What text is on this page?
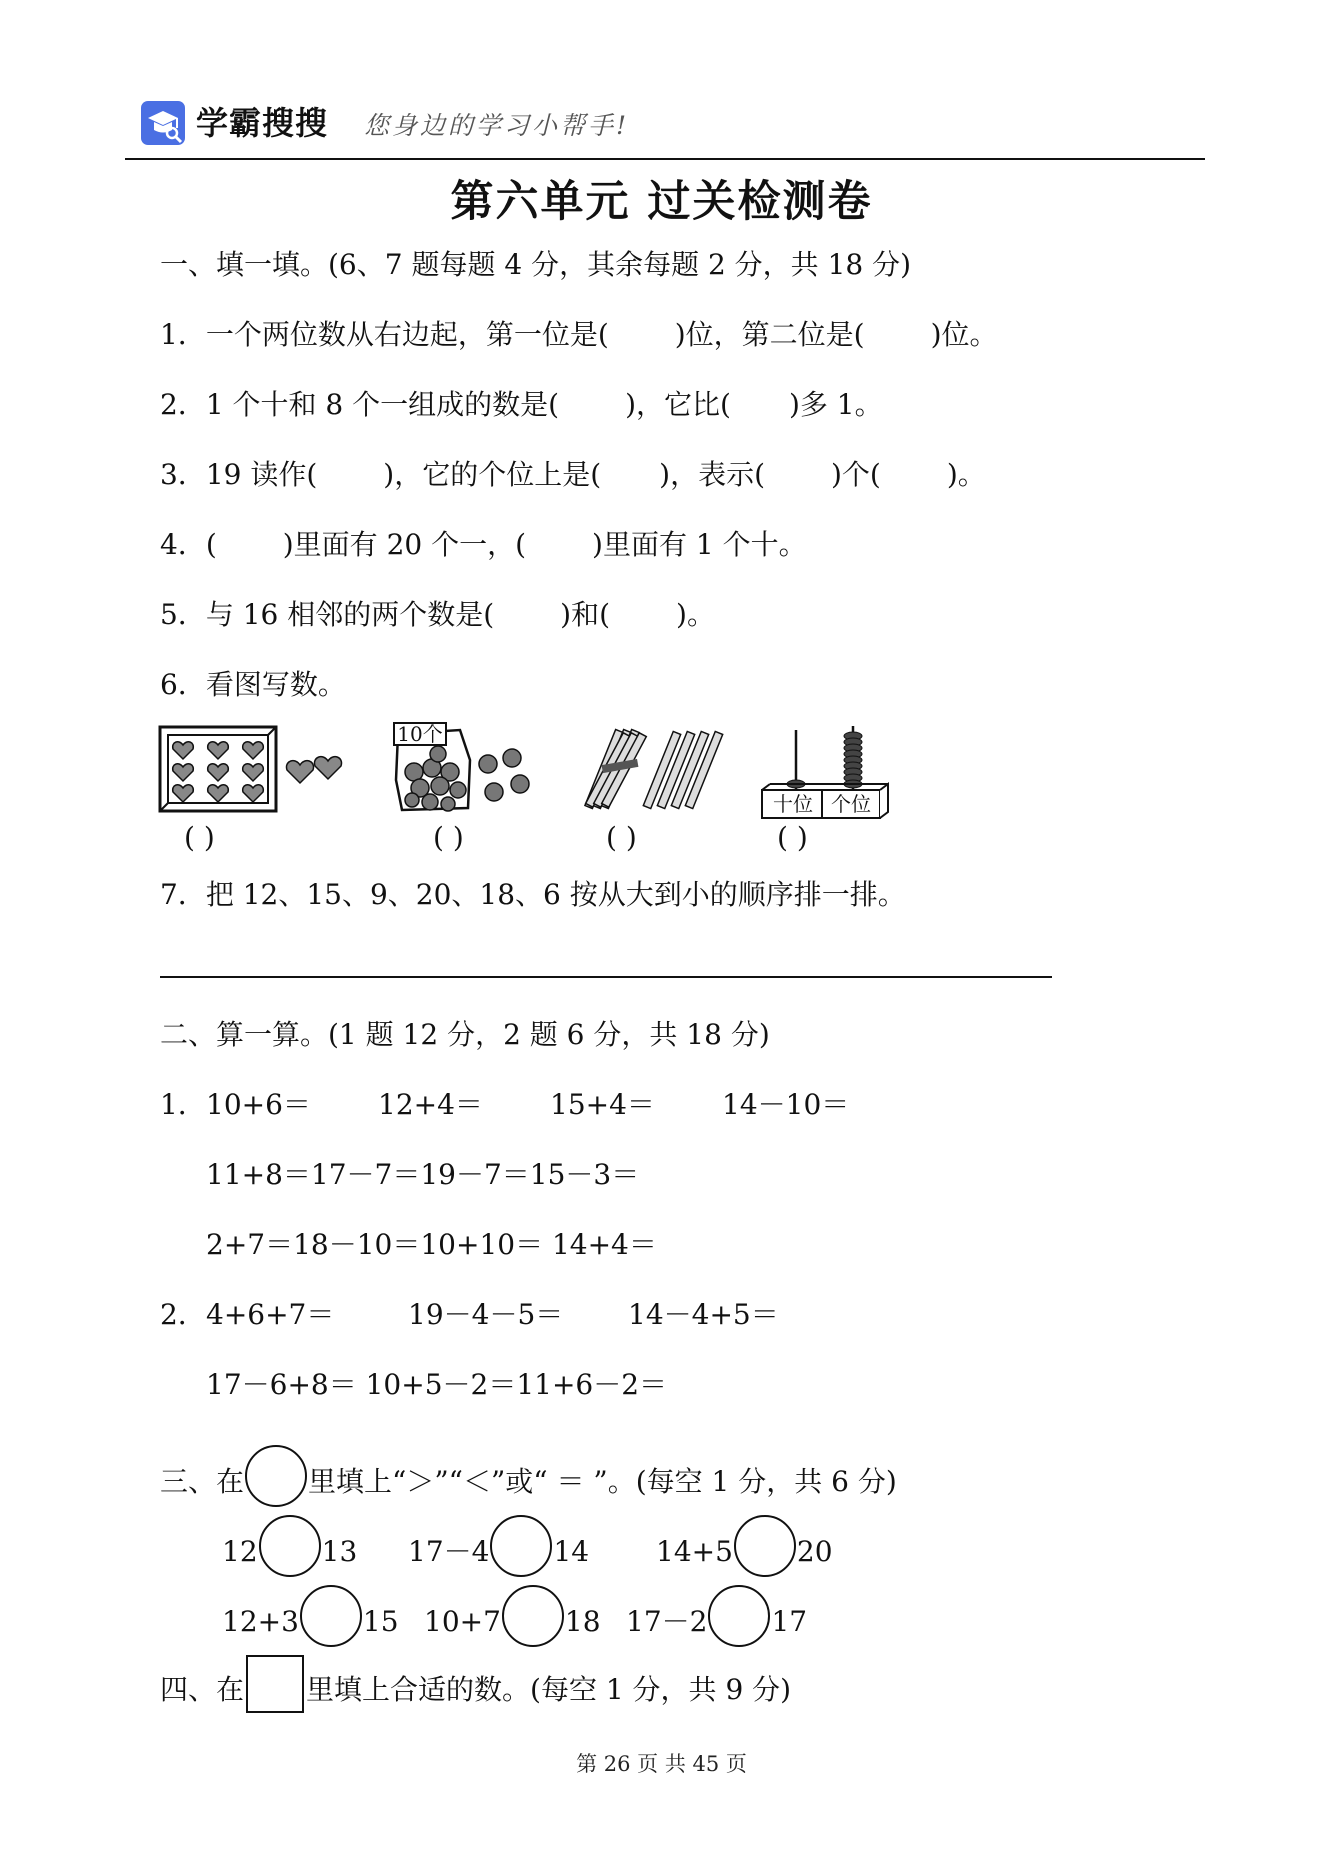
学霸搜搜 您身边的学习小帮手!
第六单元 过关检测卷
一、填一填。(6、7 题每题 4 分，其余每题 2 分，共 18 分)
1．一个两位数从右边起，第一位是( )位，第二位是( )位。
2．1 个十和 8 个一组成的数是( )，它比( )多 1。
3．19 读作( )，它的个位上是( )，表示( )个( )。
4．( )里面有 20 个一，( )里面有 1 个十。
5．与 16 相邻的两个数是( )和( )。
6．看图写数。
( )
10个
( )	( )
十位 个位
( )
7．把 12、15、9、20、18、6 按从大到小的顺序排一排。
二、算一算。(1 题 12 分，2 题 6 分，共 18 分)
1． 10+6＝ 12+4＝ 15+4＝ 14－10＝
11+8＝17－7＝19－7＝15－3＝
2+7＝18－10＝10+10＝ 14+4＝
2． 4+6+7＝	19－4－5＝ 14－4+5＝
17－6+8＝ 10+5－2＝11+6－2＝
三、在 里填上“＞”“＜”或“ ＝ ”。(每空 1 分，共 6 分)
12 13 17－4 14 14+5 20
12+3 15 10+7 18 17－2 17
四、在 里填上合适的数。(每空 1 分，共 9 分)
第 26 页 共 45 页
